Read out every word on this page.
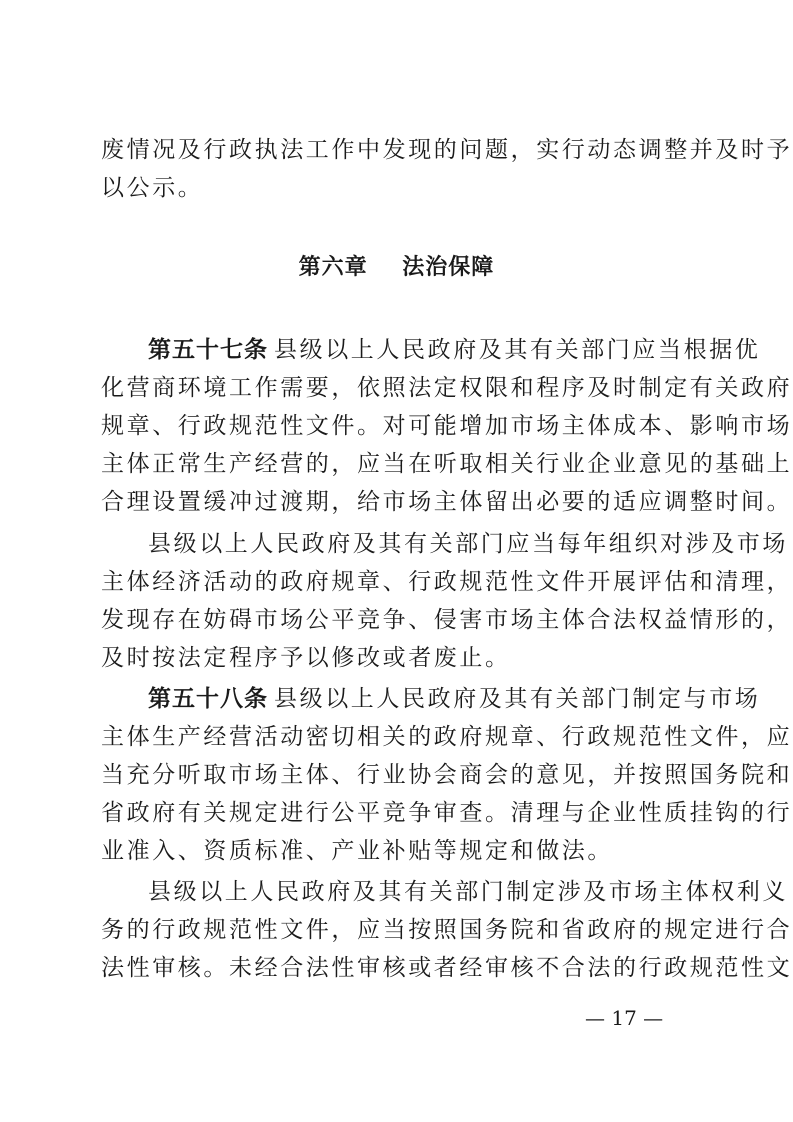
废情况及行政执法工作中发现的问题，实行动态调整并及时予
以公示。
第六章    法治保障
第五十七条 县级以上人民政府及其有关部门应当根据优
化营商环境工作需要，依照法定权限和程序及时制定有关政府
规章、行政规范性文件。对可能增加市场主体成本、影响市场
主体正常生产经营的，应当在听取相关行业企业意见的基础上
合理设置缓冲过渡期，给市场主体留出必要的适应调整时间。
县级以上人民政府及其有关部门应当每年组织对涉及市场
主体经济活动的政府规章、行政规范性文件开展评估和清理，
发现存在妨碍市场公平竞争、侵害市场主体合法权益情形的，
及时按法定程序予以修改或者废止。
第五十八条 县级以上人民政府及其有关部门制定与市场
主体生产经营活动密切相关的政府规章、行政规范性文件，应
当充分听取市场主体、行业协会商会的意见，并按照国务院和
省政府有关规定进行公平竞争审查。清理与企业性质挂钩的行
业准入、资质标准、产业补贴等规定和做法。
县级以上人民政府及其有关部门制定涉及市场主体权利义
务的行政规范性文件，应当按照国务院和省政府的规定进行合
法性审核。未经合法性审核或者经审核不合法的行政规范性文
— 17 —
